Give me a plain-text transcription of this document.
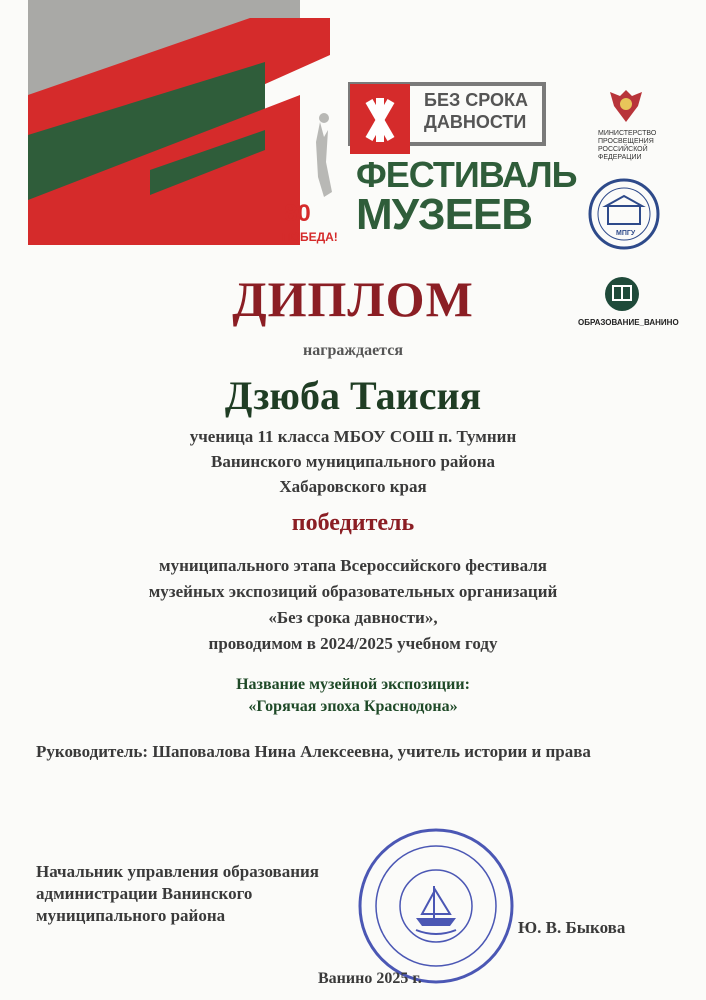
БЕЗ СРОКА
ДАВНОСТИ
ФЕСТИВАЛЬ
МУЗЕЕВ
80
ПОБЕДА!
МИНИСТЕРСТВО
ПРОСВЕЩЕНИЯ
РОССИЙСКОЙ
ФЕДЕРАЦИИ
МПГУ
ОБРАЗОВАНИЕ_ВАНИНО
ДИПЛОМ
награждается
Дзюба Таисия
ученица 11 класса МБОУ СОШ п. Тумнин
Ванинского муниципального района
Хабаровского края
победитель
муниципального этапа Всероссийского фестиваля
музейных экспозиций образовательных организаций
«Без срока давности»,
проводимом в 2024/2025 учебном году
Название музейной экспозиции:
«Горячая эпоха Краснодона»
Руководитель: Шаповалова Нина Алексеевна, учитель истории и права
Начальник управления образования
администрации Ванинского
муниципального района
Ю. В. Быкова
Ванино 2025 г.
